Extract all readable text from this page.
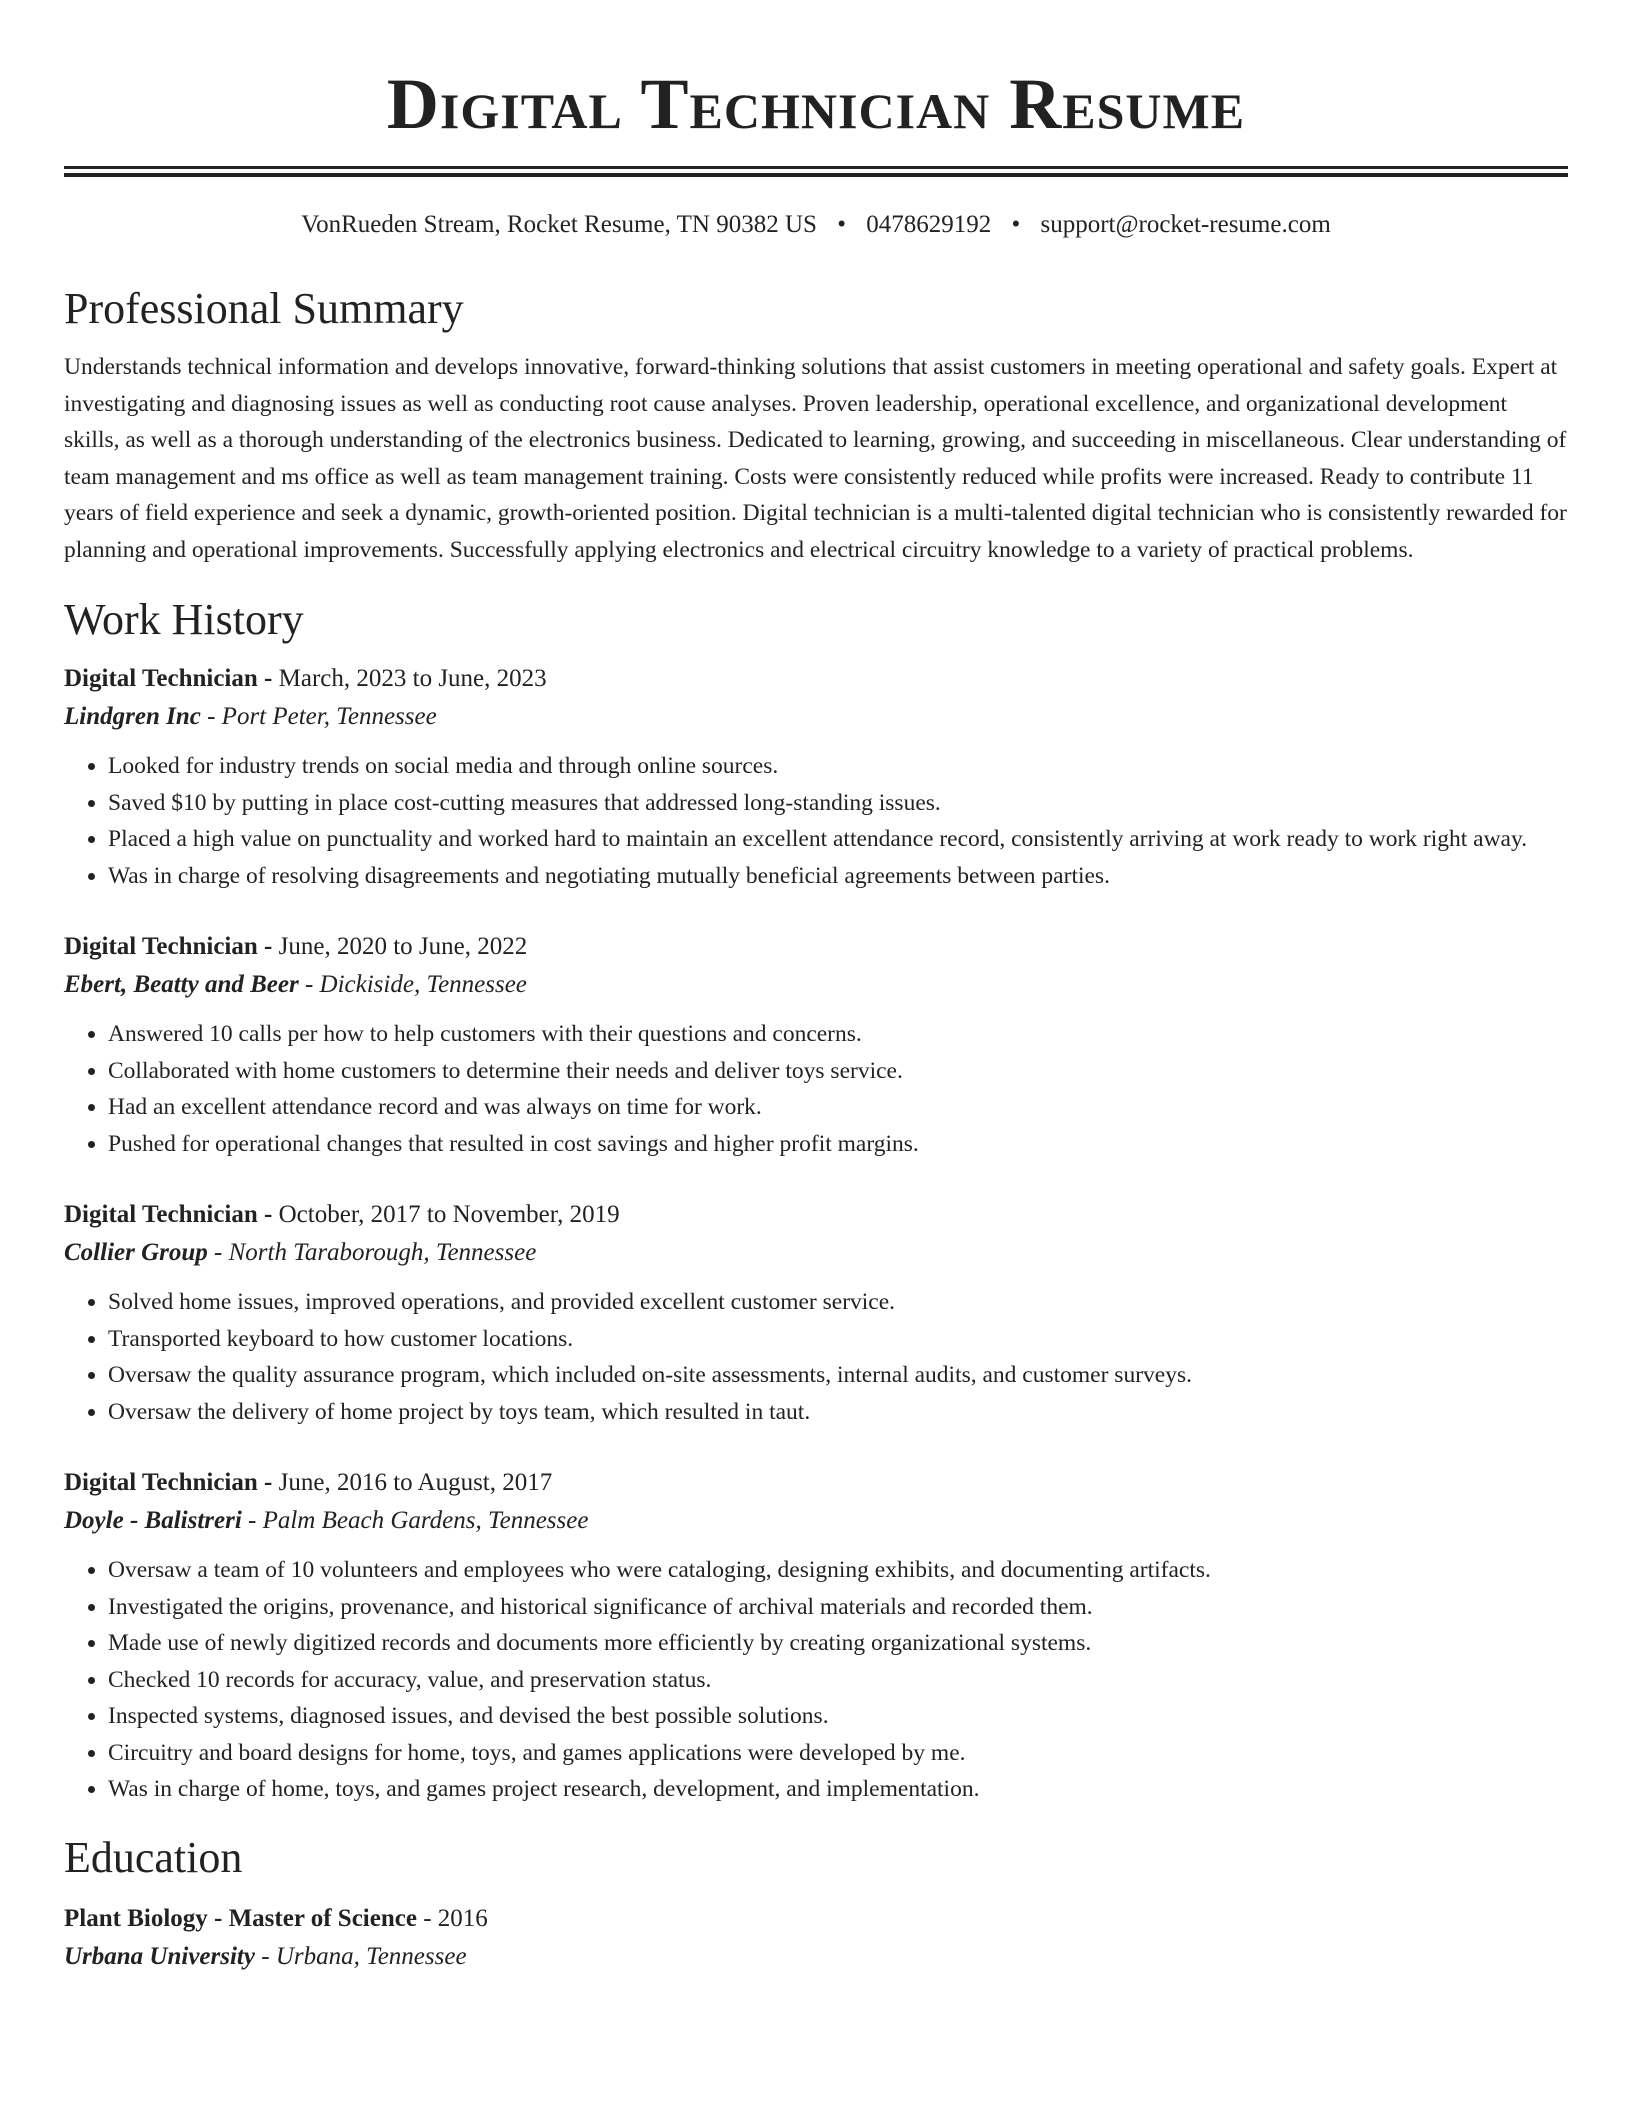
Digital Technician Resume
VonRueden Stream, Rocket Resume, TN 90382 US • 0478629192 • support@rocket-resume.com
Professional Summary

Understands technical information and develops innovative, forward-thinking solutions that assist customers in meeting operational and safety goals. Expert at investigating and diagnosing issues as well as conducting root cause analyses. Proven leadership, operational excellence, and organizational development skills, as well as a thorough understanding of the electronics business. Dedicated to learning, growing, and succeeding in miscellaneous. Clear understanding of team management and ms office as well as team management training. Costs were consistently reduced while profits were increased. Ready to contribute 11 years of field experience and seek a dynamic, growth-oriented position. Digital technician is a multi-talented digital technician who is consistently rewarded for planning and operational improvements. Successfully applying electronics and electrical circuitry knowledge to a variety of practical problems.

Work History
Digital Technician - March, 2023 to June, 2023
Lindgren Inc - Port Peter, Tennessee
• Looked for industry trends on social media and through online sources.
• Saved $10 by putting in place cost-cutting measures that addressed long-standing issues.
• Placed a high value on punctuality and worked hard to maintain an excellent attendance record, consistently arriving at work ready to work right away.
• Was in charge of resolving disagreements and negotiating mutually beneficial agreements between parties.
Digital Technician - June, 2020 to June, 2022
Ebert, Beatty and Beer - Dickiside, Tennessee
• Answered 10 calls per how to help customers with their questions and concerns.
• Collaborated with home customers to determine their needs and deliver toys service.
• Had an excellent attendance record and was always on time for work.
• Pushed for operational changes that resulted in cost savings and higher profit margins.
Digital Technician - October, 2017 to November, 2019
Collier Group - North Taraborough, Tennessee
• Solved home issues, improved operations, and provided excellent customer service.
• Transported keyboard to how customer locations.
• Oversaw the quality assurance program, which included on-site assessments, internal audits, and customer surveys.
• Oversaw the delivery of home project by toys team, which resulted in taut.
Digital Technician - June, 2016 to August, 2017
Doyle - Balistreri - Palm Beach Gardens, Tennessee
• Oversaw a team of 10 volunteers and employees who were cataloging, designing exhibits, and documenting artifacts.
• Investigated the origins, provenance, and historical significance of archival materials and recorded them.
• Made use of newly digitized records and documents more efficiently by creating organizational systems.
• Checked 10 records for accuracy, value, and preservation status.
• Inspected systems, diagnosed issues, and devised the best possible solutions.
• Circuitry and board designs for home, toys, and games applications were developed by me.
• Was in charge of home, toys, and games project research, development, and implementation.
Education
Plant Biology - Master of Science - 2016
Urbana University - Urbana, Tennessee
